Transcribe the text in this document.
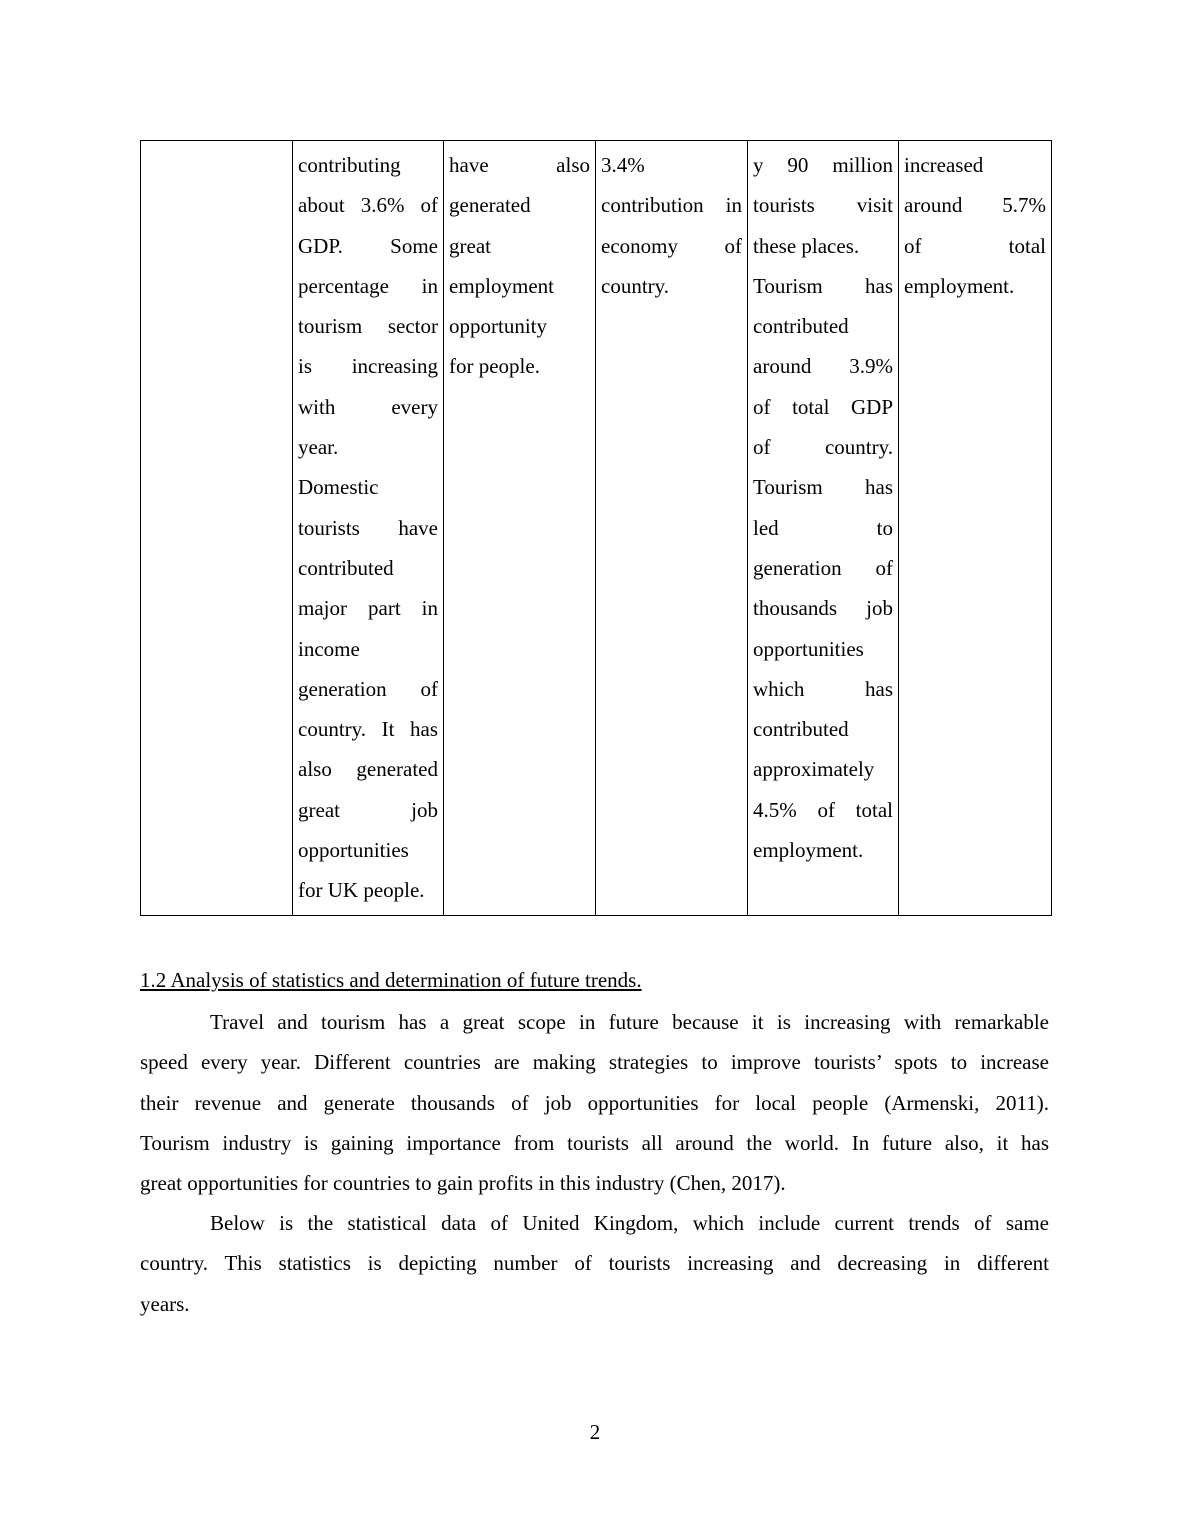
contributing
about 3.6% of
GDP. Some
percentage in
tourism sector
is increasing
with every
year.
Domestic
tourists have
contributed
major part in
income
generation of
country. It has
also generated
great job
opportunities
for UK people.

have also
generated
great
employment
opportunity
for people.

3.4%
contribution in
economy of
country.

y 90 million
tourists visit
these places.
Tourism has
contributed
around 3.9%
of total GDP
of country.
Tourism has
led to
generation of
thousands job
opportunities
which has
contributed
approximately
4.5% of total
employment.

increased
around 5.7%
of total
employment.
1.2 Analysis of statistics and determination of future trends.
Travel and tourism has a great scope in future because it is increasing with remarkable
speed every year. Different countries are making strategies to improve tourists’ spots to increase
their revenue and generate thousands of job opportunities for local people (Armenski, 2011).
Tourism industry is gaining importance from tourists all around the world. In future also, it has
great opportunities for countries to gain profits in this industry (Chen, 2017).
Below is the statistical data of United Kingdom, which include current trends of same
country. This statistics is depicting number of tourists increasing and decreasing in different
years.
2
